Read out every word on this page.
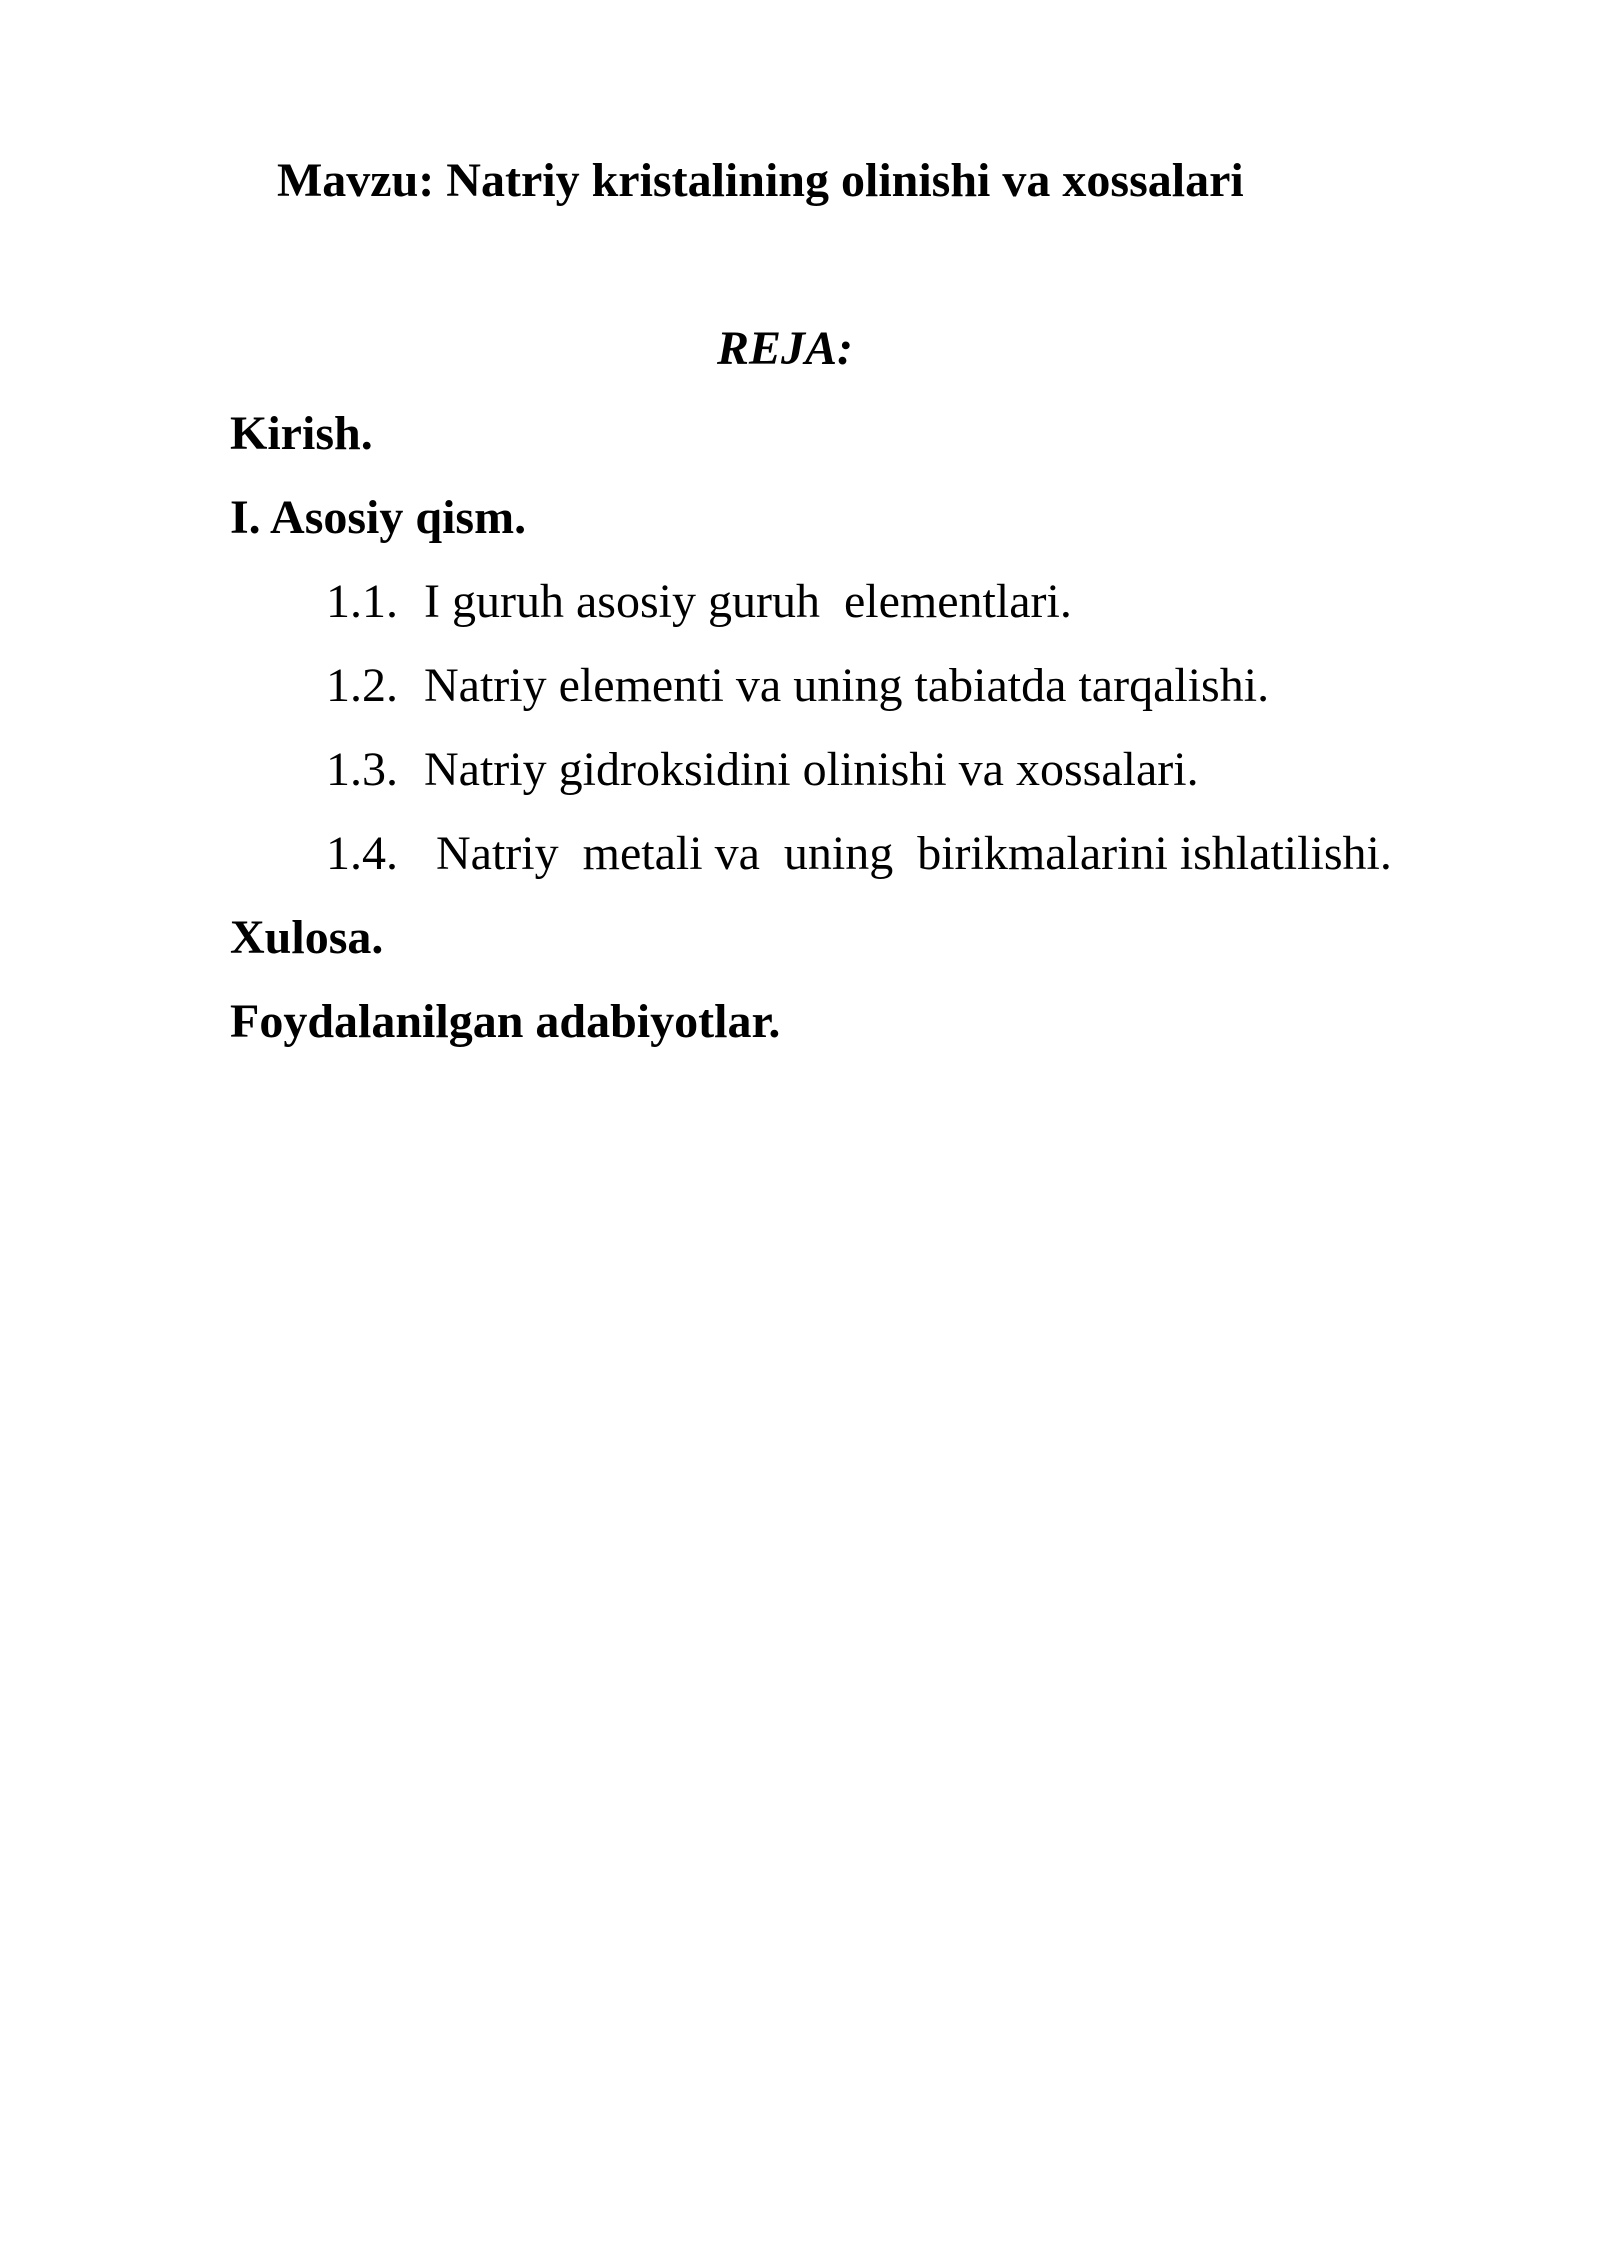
Mavzu: Natriy kristalining olinishi va xossalari
REJA:
Kirish.
I. Asosiy qism.
1.1. I guruh asosiy guruh  elementlari.
1.2. Natriy elementi va uning tabiatda tarqalishi.
1.3. Natriy gidroksidini olinishi va xossalari.
1.4. Natriy  metali va  uning  birikmalarini ishlatilishi.
Xulosa.
Foydalanilgan adabiyotlar.
